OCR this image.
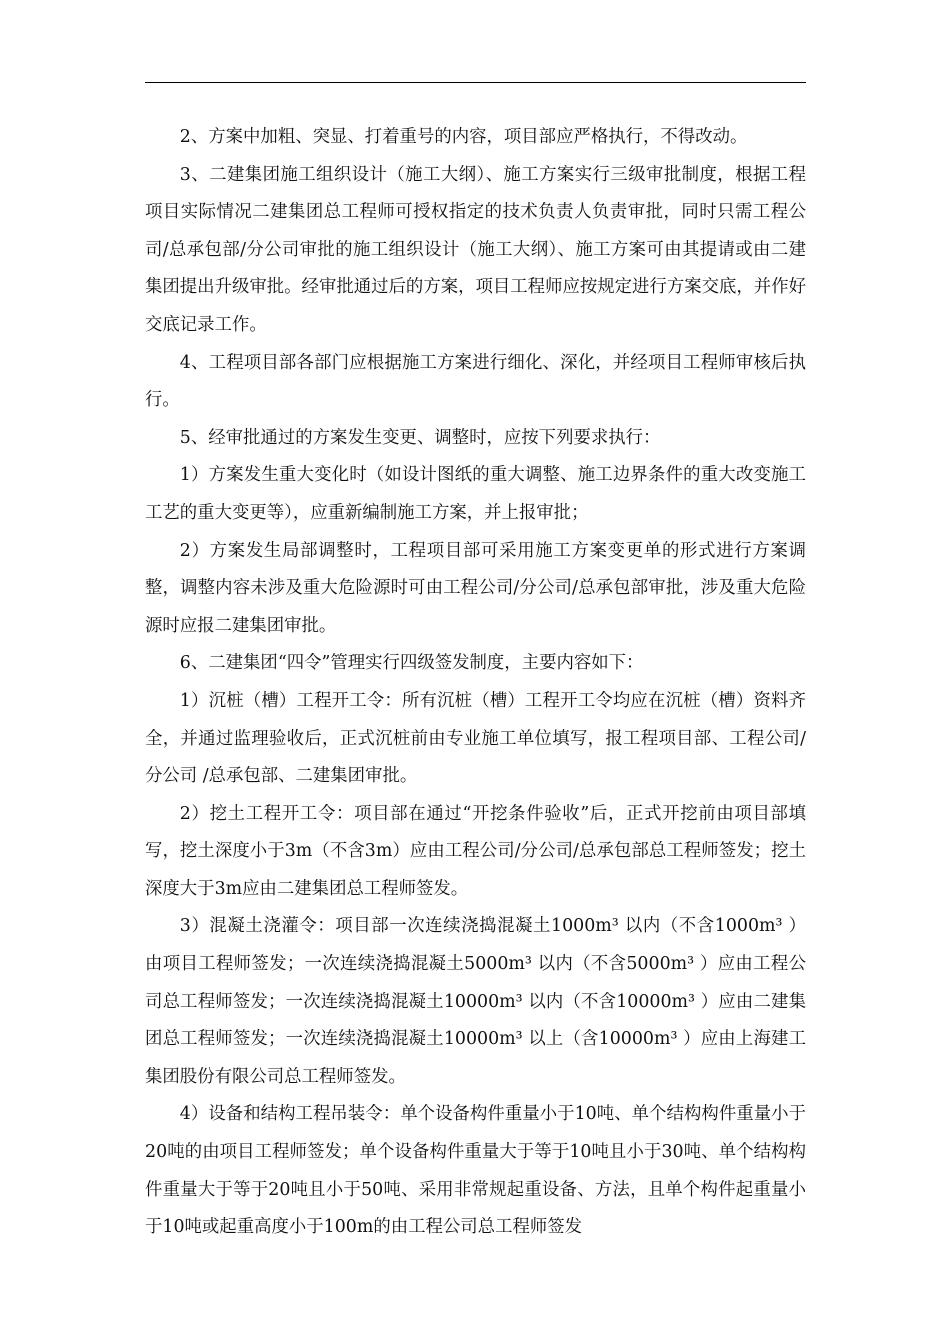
2、方案中加粗、突显、打着重号的内容，项目部应严格执行，不得改动。

3、二建集团施工组织设计（施工大纲）、施工方案实行三级审批制度，根据工程项目实际情况二建集团总工程师可授权指定的技术负责人负责审批，同时只需工程公司/总承包部/分公司审批的施工组织设计（施工大纲）、施工方案可由其提请或由二建集团提出升级审批。经审批通过后的方案，项目工程师应按规定进行方案交底，并作好交底记录工作。

4、工程项目部各部门应根据施工方案进行细化、深化，并经项目工程师审核后执行。

5、经审批通过的方案发生变更、调整时，应按下列要求执行：

1）方案发生重大变化时（如设计图纸的重大调整、施工边界条件的重大改变施工工艺的重大变更等），应重新编制施工方案，并上报审批；

2）方案发生局部调整时，工程项目部可采用施工方案变更单的形式进行方案调整，调整内容未涉及重大危险源时可由工程公司/分公司/总承包部审批，涉及重大危险源时应报二建集团审批。

6、二建集团“四令”管理实行四级签发制度，主要内容如下：

1）沉桩（槽）工程开工令：所有沉桩（槽）工程开工令均应在沉桩（槽）资料齐全，并通过监理验收后，正式沉桩前由专业施工单位填写，报工程项目部、工程公司/分公司 /总承包部、二建集团审批。

2）挖土工程开工令：项目部在通过“开挖条件验收”后，正式开挖前由项目部填写，挖土深度小于3m（不含3m）应由工程公司/分公司/总承包部总工程师签发；挖土深度大于3m应由二建集团总工程师签发。

3）混凝土浇灌令：项目部一次连续浇捣混凝土1000m³ 以内（不含1000m³ ）由项目工程师签发；一次连续浇捣混凝土5000m³ 以内（不含5000m³ ）应由工程公司总工程师签发；一次连续浇捣混凝土10000m³ 以内（不含10000m³ ）应由二建集团总工程师签发；一次连续浇捣混凝土10000m³ 以上（含10000m³ ）应由上海建工集团股份有限公司总工程师签发。

4）设备和结构工程吊装令：单个设备构件重量小于10吨、单个结构构件重量小于20吨的由项目工程师签发；单个设备构件重量大于等于10吨且小于30吨、单个结构构件重量大于等于20吨且小于50吨、采用非常规起重设备、方法，且单个构件起重量小于10吨或起重高度小于100m的由工程公司总工程师签发
